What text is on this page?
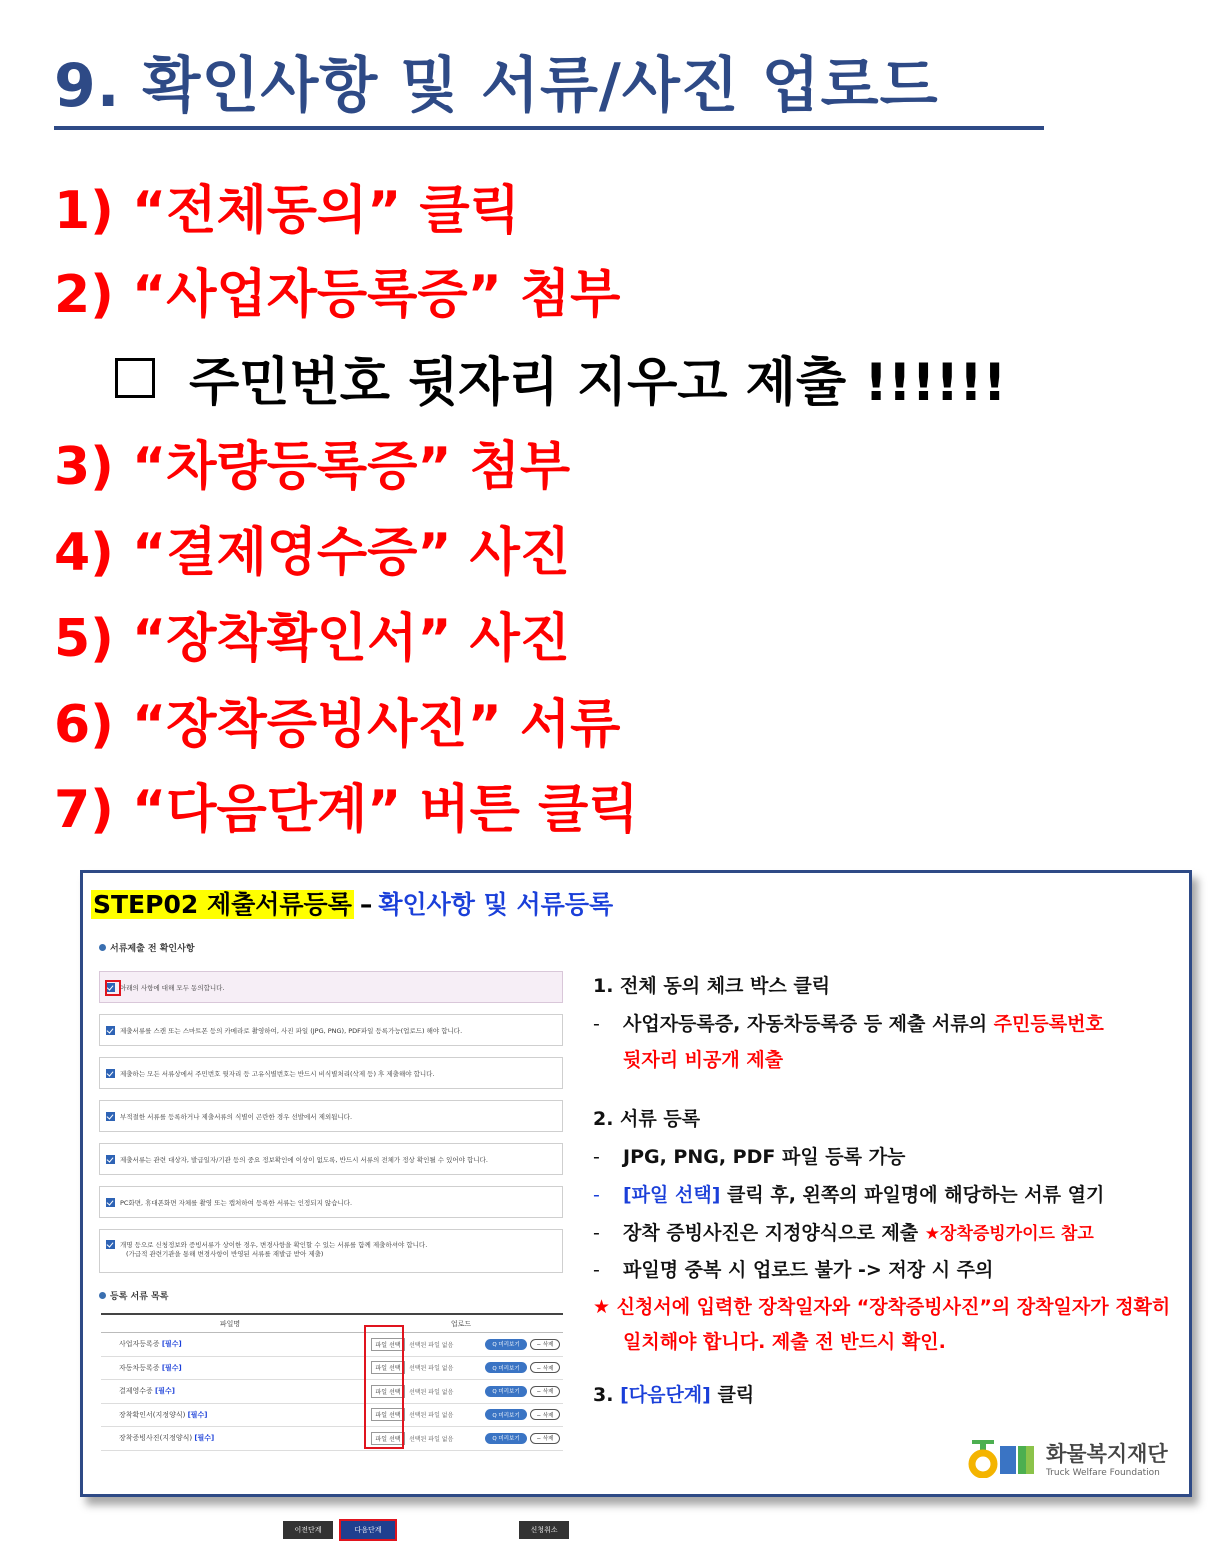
9. 확인사항 및 서류/사진 업로드
1) “전체동의” 클릭
2) “사업자등록증” 첨부
주민번호 뒷자리 지우고 제출 !!!!!!
3) “차량등록증” 첨부
4) “결제영수증” 사진
5) “장착확인서” 사진
6) “장착증빙사진” 서류
7) “다음단계” 버튼 클릭
STEP02 제출서류등록 – 확인사항 및 서류등록
서류제출 전 확인사항
아래의 사항에 대해 모두 동의합니다.
제출서류를 스캔 또는 스마트폰 등의 카메라로 촬영하여, 사진 파일 (JPG, PNG), PDF파일 등록가능(업로드) 해야 합니다.
제출하는 모든 서류상에서 주민번호 뒷자리 등 고유식별번호는 반드시 비식별처리(삭제 등) 후 제출해야 합니다.
부적절한 서류를 등록하거나 제출서류의 식별이 곤란한 경우 선발에서 제외됩니다.
제출서류는 관련 대상자, 발급일자/기관 등의 중요 정보확인에 이상이 없도록, 반드시 서류의 전체가 정상 확인될 수 있어야 합니다.
PC화면, 휴대폰화면 자체를 촬영 또는 캡처하여 등록한 서류는 인정되지 않습니다.
개명 등으로 신청정보와 증빙서류가 상이한 경우, 변경사항을 확인할 수 있는 서류를 함께 제출하셔야 합니다.
(가급적 관련기관을 통해 변경사항이 반영된 서류를 재발급 받아 제출)
등록 서류 목록
파일명	업로드
사업자등록증 [필수]	파일 선택	선택된 파일 없음	Q 미리보기	− 삭제
자동차등록증 [필수]	파일 선택	선택된 파일 없음	Q 미리보기	− 삭제
결제영수증 [필수]	파일 선택	선택된 파일 없음	Q 미리보기	− 삭제
장착확인서(지정양식) [필수]	파일 선택	선택된 파일 없음	Q 미리보기	− 삭제
장착증빙사진(지정양식) [필수]	파일 선택	선택된 파일 없음	Q 미리보기	− 삭제
이전단계	다음단계	신청취소
1. 전체 동의 체크 박스 클릭
- 사업자등록증, 자동차등록증 등 제출 서류의 주민등록번호
뒷자리 비공개 제출
2. 서류 등록
- JPG, PNG, PDF 파일 등록 가능
- [파일 선택] 클릭 후, 왼쪽의 파일명에 해당하는 서류 열기
- 장착 증빙사진은 지정양식으로 제출 ★장착증빙가이드 참고
- 파일명 중복 시 업로드 불가 -> 저장 시 주의
★ 신청서에 입력한 장착일자와 “장착증빙사진”의 장착일자가 정확히
일치해야 합니다. 제출 전 반드시 확인.
3. [다음단계] 클릭
화물복지재단
Truck Welfare Foundation
